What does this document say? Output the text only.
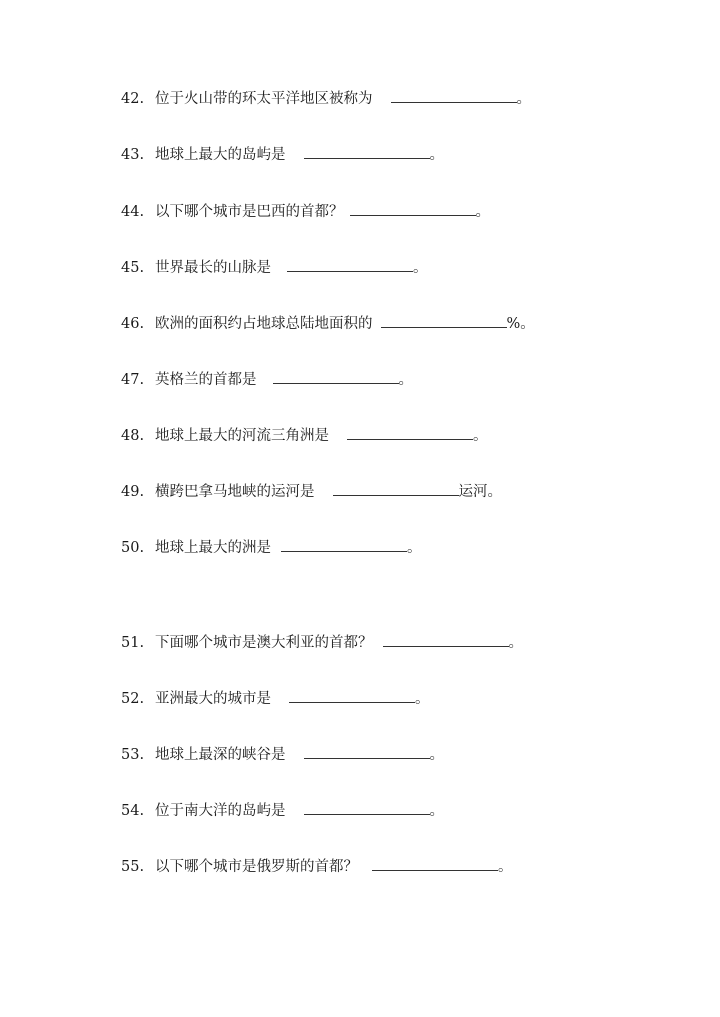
42. 位于火山带的环太平洋地区被称为	。
43. 地球上最大的岛屿是	。
44. 以下哪个城市是巴西的首都？	。
45. 世界最长的山脉是	。
46. 欧洲的面积约占地球总陆地面积的	%。
47. 英格兰的首都是	。
48. 地球上最大的河流三角洲是	。
49. 横跨巴拿马地峡的运河是	运河。
50. 地球上最大的洲是	。
51. 下面哪个城市是澳大利亚的首都？	。
52. 亚洲最大的城市是	。
53. 地球上最深的峡谷是	。
54. 位于南大洋的岛屿是	。
55. 以下哪个城市是俄罗斯的首都？	。
